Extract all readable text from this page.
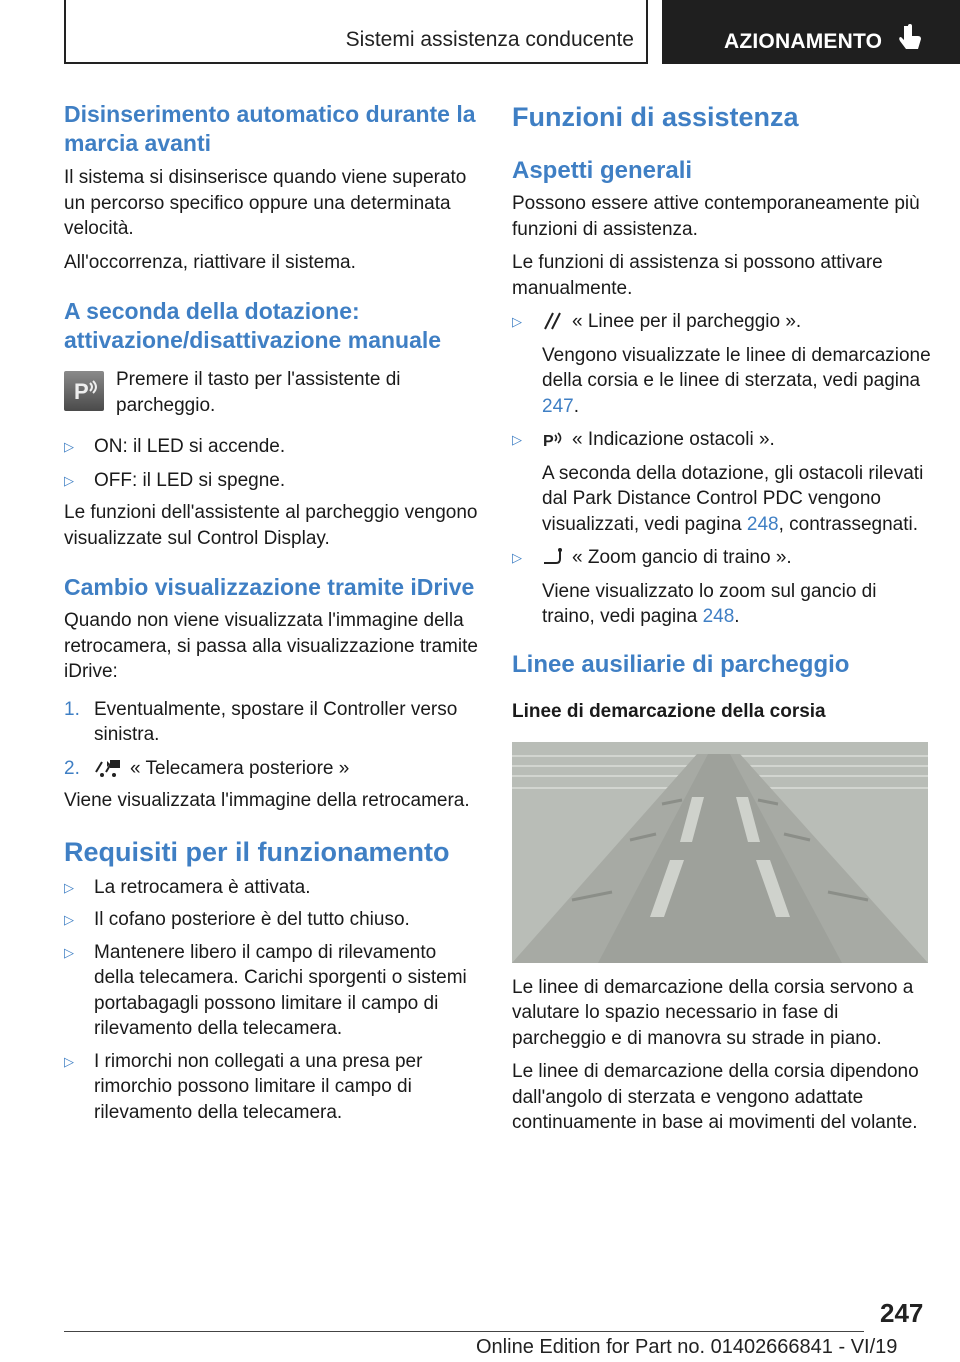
Sistemi assistenza conducente	AZIONAMENTO
Disinserimento automatico durante la marcia avanti

Il sistema si disinserisce quando viene superato un percorso specifico oppure una determinata velocità.

All'occorrenza, riattivare il sistema.

A seconda della dotazione: attivazione/disattivazione manuale
P Premere il tasto per l'assistente di parcheggio.

▷	ON: il LED si accende.
▷	OFF: il LED si spegne.

Le funzioni dell'assistente al parcheggio vengono visualizzate sul Control Display.

Cambio visualizzazione tramite iDrive

Quando non viene visualizzata l'immagine della retrocamera, si passa alla visualizzazione tramite iDrive:

1. Eventualmente, spostare il Controller verso sinistra.
2.	« Telecamera posteriore »

Viene visualizzata l'immagine della retrocamera.

Requisiti per il funzionamento
▷	La retrocamera è attivata.
▷	Il cofano posteriore è del tutto chiuso.
▷	Mantenere libero il campo di rilevamento della telecamera. Carichi sporgenti o sistemi portabagagli possono limitare il campo di rilevamento della telecamera.
▷	I rimorchi non collegati a una presa per rimorchio possono limitare il campo di rilevamento della telecamera.
Funzioni di assistenza
Aspetti generali

Possono essere attive contemporaneamente più funzioni di assistenza.

Le funzioni di assistenza si possono attivare manualmente.

▷	« Linee per il parcheggio ».
Vengono visualizzate le linee di demarcazione della corsia e le linee di sterzata, vedi pagina 247.
▷	P « Indicazione ostacoli ».
A seconda della dotazione, gli ostacoli rilevati dal Park Distance Control PDC vengono visualizzati, vedi pagina 248, contrassegnati.
▷	« Zoom gancio di traino ».
Viene visualizzato lo zoom sul gancio di traino, vedi pagina 248.
Linee ausiliarie di parcheggio
Linee di demarcazione della corsia

Le linee di demarcazione della corsia servono a valutare lo spazio necessario in fase di parcheggio e di manovra su strade in piano.

Le linee di demarcazione della corsia dipendono dall'angolo di sterzata e vengono adattate continuamente in base ai movimenti del volante.

247
Online Edition for Part no. 01402666841 - VI/19
